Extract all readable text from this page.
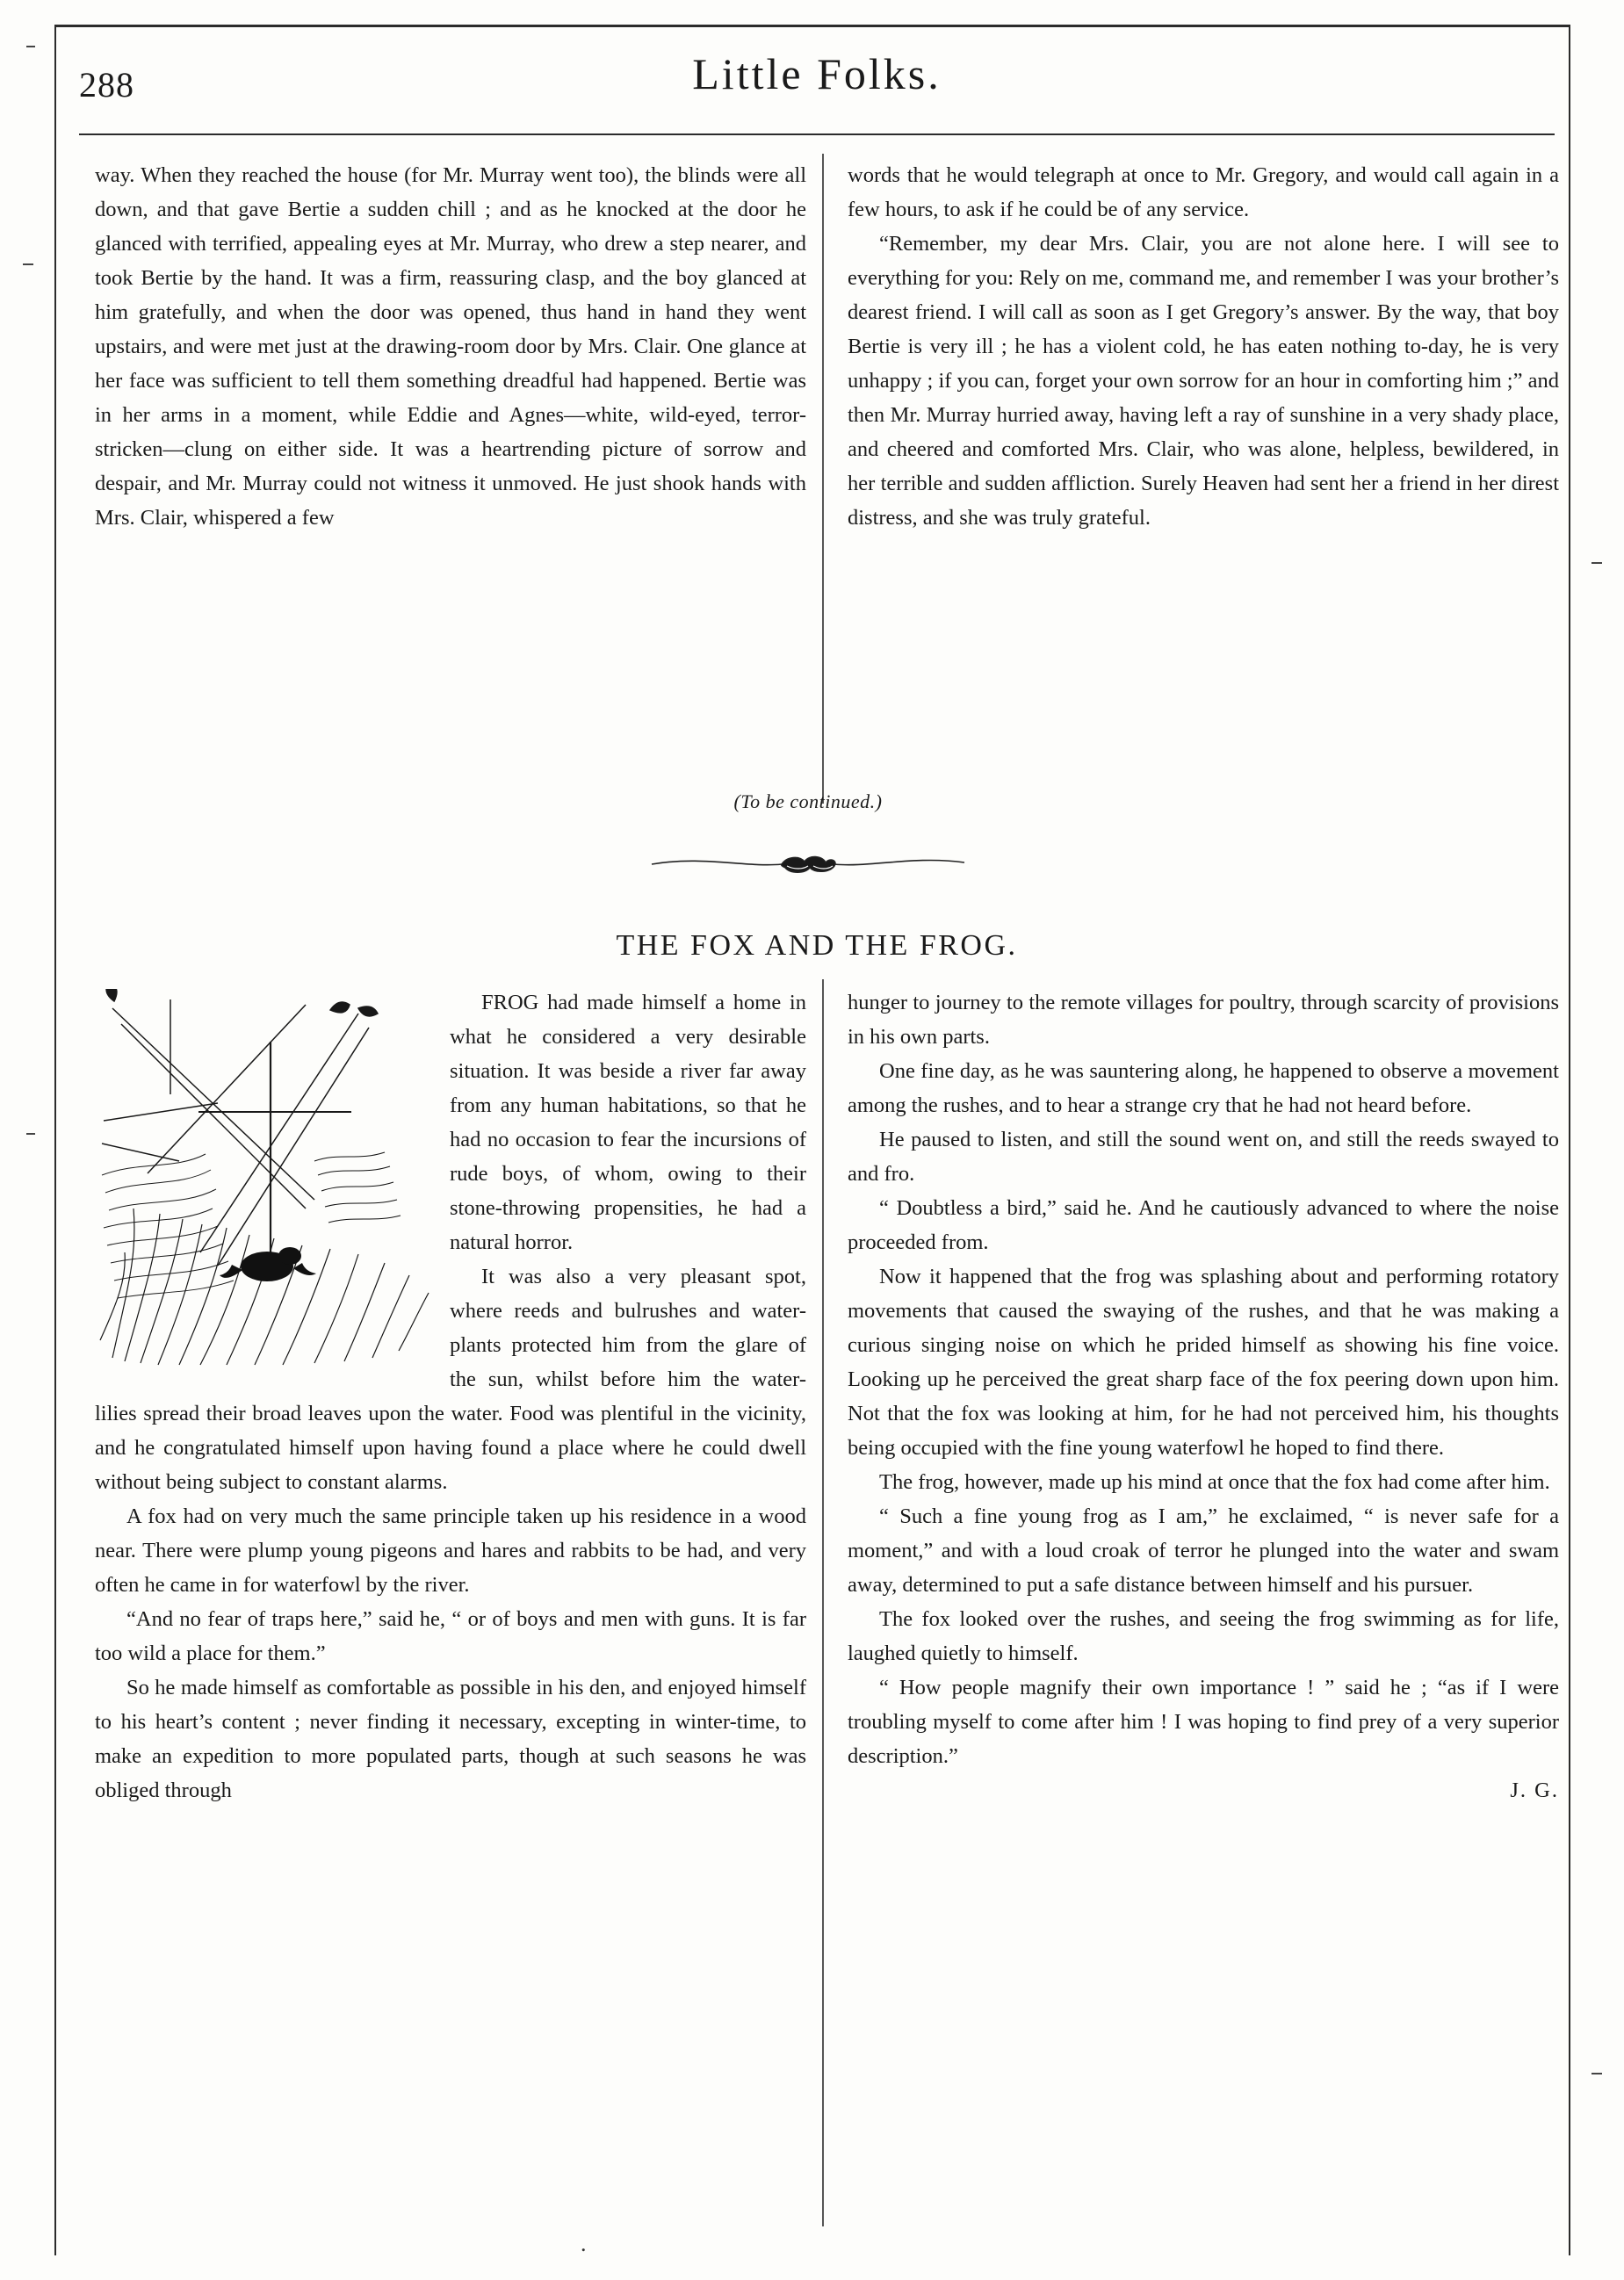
288	Little Folks.

way. When they reached the house (for Mr. Murray went too), the blinds were all down, and that gave Bertie a sudden chill ; and as he knocked at the door he glanced with terrified, appealing eyes at Mr. Murray, who drew a step nearer, and took Bertie by the hand. It was a firm, reassuring clasp, and the boy glanced at him gratefully, and when the door was opened, thus hand in hand they went upstairs, and were met just at the drawing-room door by Mrs. Clair. One glance at her face was sufficient to tell them something dreadful had happened. Bertie was in her arms in a moment, while Eddie and Agnes—white, wild-eyed, terror-stricken—clung on either side. It was a heartrending picture of sorrow and despair, and Mr. Murray could not witness it unmoved. He just shook hands with Mrs. Clair, whispered a few

words that he would telegraph at once to Mr. Gregory, and would call again in a few hours, to ask if he could be of any service.

“Remember, my dear Mrs. Clair, you are not alone here. I will see to everything for you: Rely on me, command me, and remember I was your brother’s dearest friend. I will call as soon as I get Gregory’s answer. By the way, that boy Bertie is very ill ; he has a violent cold, he has eaten nothing to-day, he is very unhappy ; if you can, forget your own sorrow for an hour in comforting him ;” and then Mr. Murray hurried away, having left a ray of sunshine in a very shady place, and cheered and comforted Mrs. Clair, who was alone, helpless, bewildered, in her terrible and sudden affliction. Surely Heaven had sent her a friend in her direst distress, and she was truly grateful.

(To be continued.)
THE FOX AND THE FROG.

FROG had made himself a home in what he considered a very desirable situation. It was beside a river far away from any human habitations, so that he had no occasion to fear the incursions of rude boys, of whom, owing to their stone-throwing propensities, he had a natural horror.

It was also a very pleasant spot, where reeds and bulrushes and water-plants protected him from the glare of the sun, whilst before him the water-lilies spread their broad leaves upon the water. Food was plentiful in the vicinity, and he congratulated himself upon having found a place where he could dwell without being subject to constant alarms.

A fox had on very much the same principle taken up his residence in a wood near. There were plump young pigeons and hares and rabbits to be had, and very often he came in for waterfowl by the river.

“And no fear of traps here,” said he, “ or of boys and men with guns. It is far too wild a place for them.”

So he made himself as comfortable as possible in his den, and enjoyed himself to his heart’s content ; never finding it necessary, excepting in winter-time, to make an expedition to more populated parts, though at such seasons he was obliged through

hunger to journey to the remote villages for poultry, through scarcity of provisions in his own parts.

One fine day, as he was sauntering along, he happened to observe a movement among the rushes, and to hear a strange cry that he had not heard before.

He paused to listen, and still the sound went on, and still the reeds swayed to and fro.

“ Doubtless a bird,” said he. And he cautiously advanced to where the noise proceeded from.

Now it happened that the frog was splashing about and performing rotatory movements that caused the swaying of the rushes, and that he was making a curious singing noise on which he prided himself as showing his fine voice. Looking up he perceived the great sharp face of the fox peering down upon him. Not that the fox was looking at him, for he had not perceived him, his thoughts being occupied with the fine young waterfowl he hoped to find there.

The frog, however, made up his mind at once that the fox had come after him.

“ Such a fine young frog as I am,” he exclaimed, “ is never safe for a moment,” and with a loud croak of terror he plunged into the water and swam away, determined to put a safe distance between himself and his pursuer.

The fox looked over the rushes, and seeing the frog swimming as for life, laughed quietly to himself.

“ How people magnify their own importance ! ” said he ; “as if I were troubling myself to come after him ! I was hoping to find prey of a very superior description.”

J. G.

.
